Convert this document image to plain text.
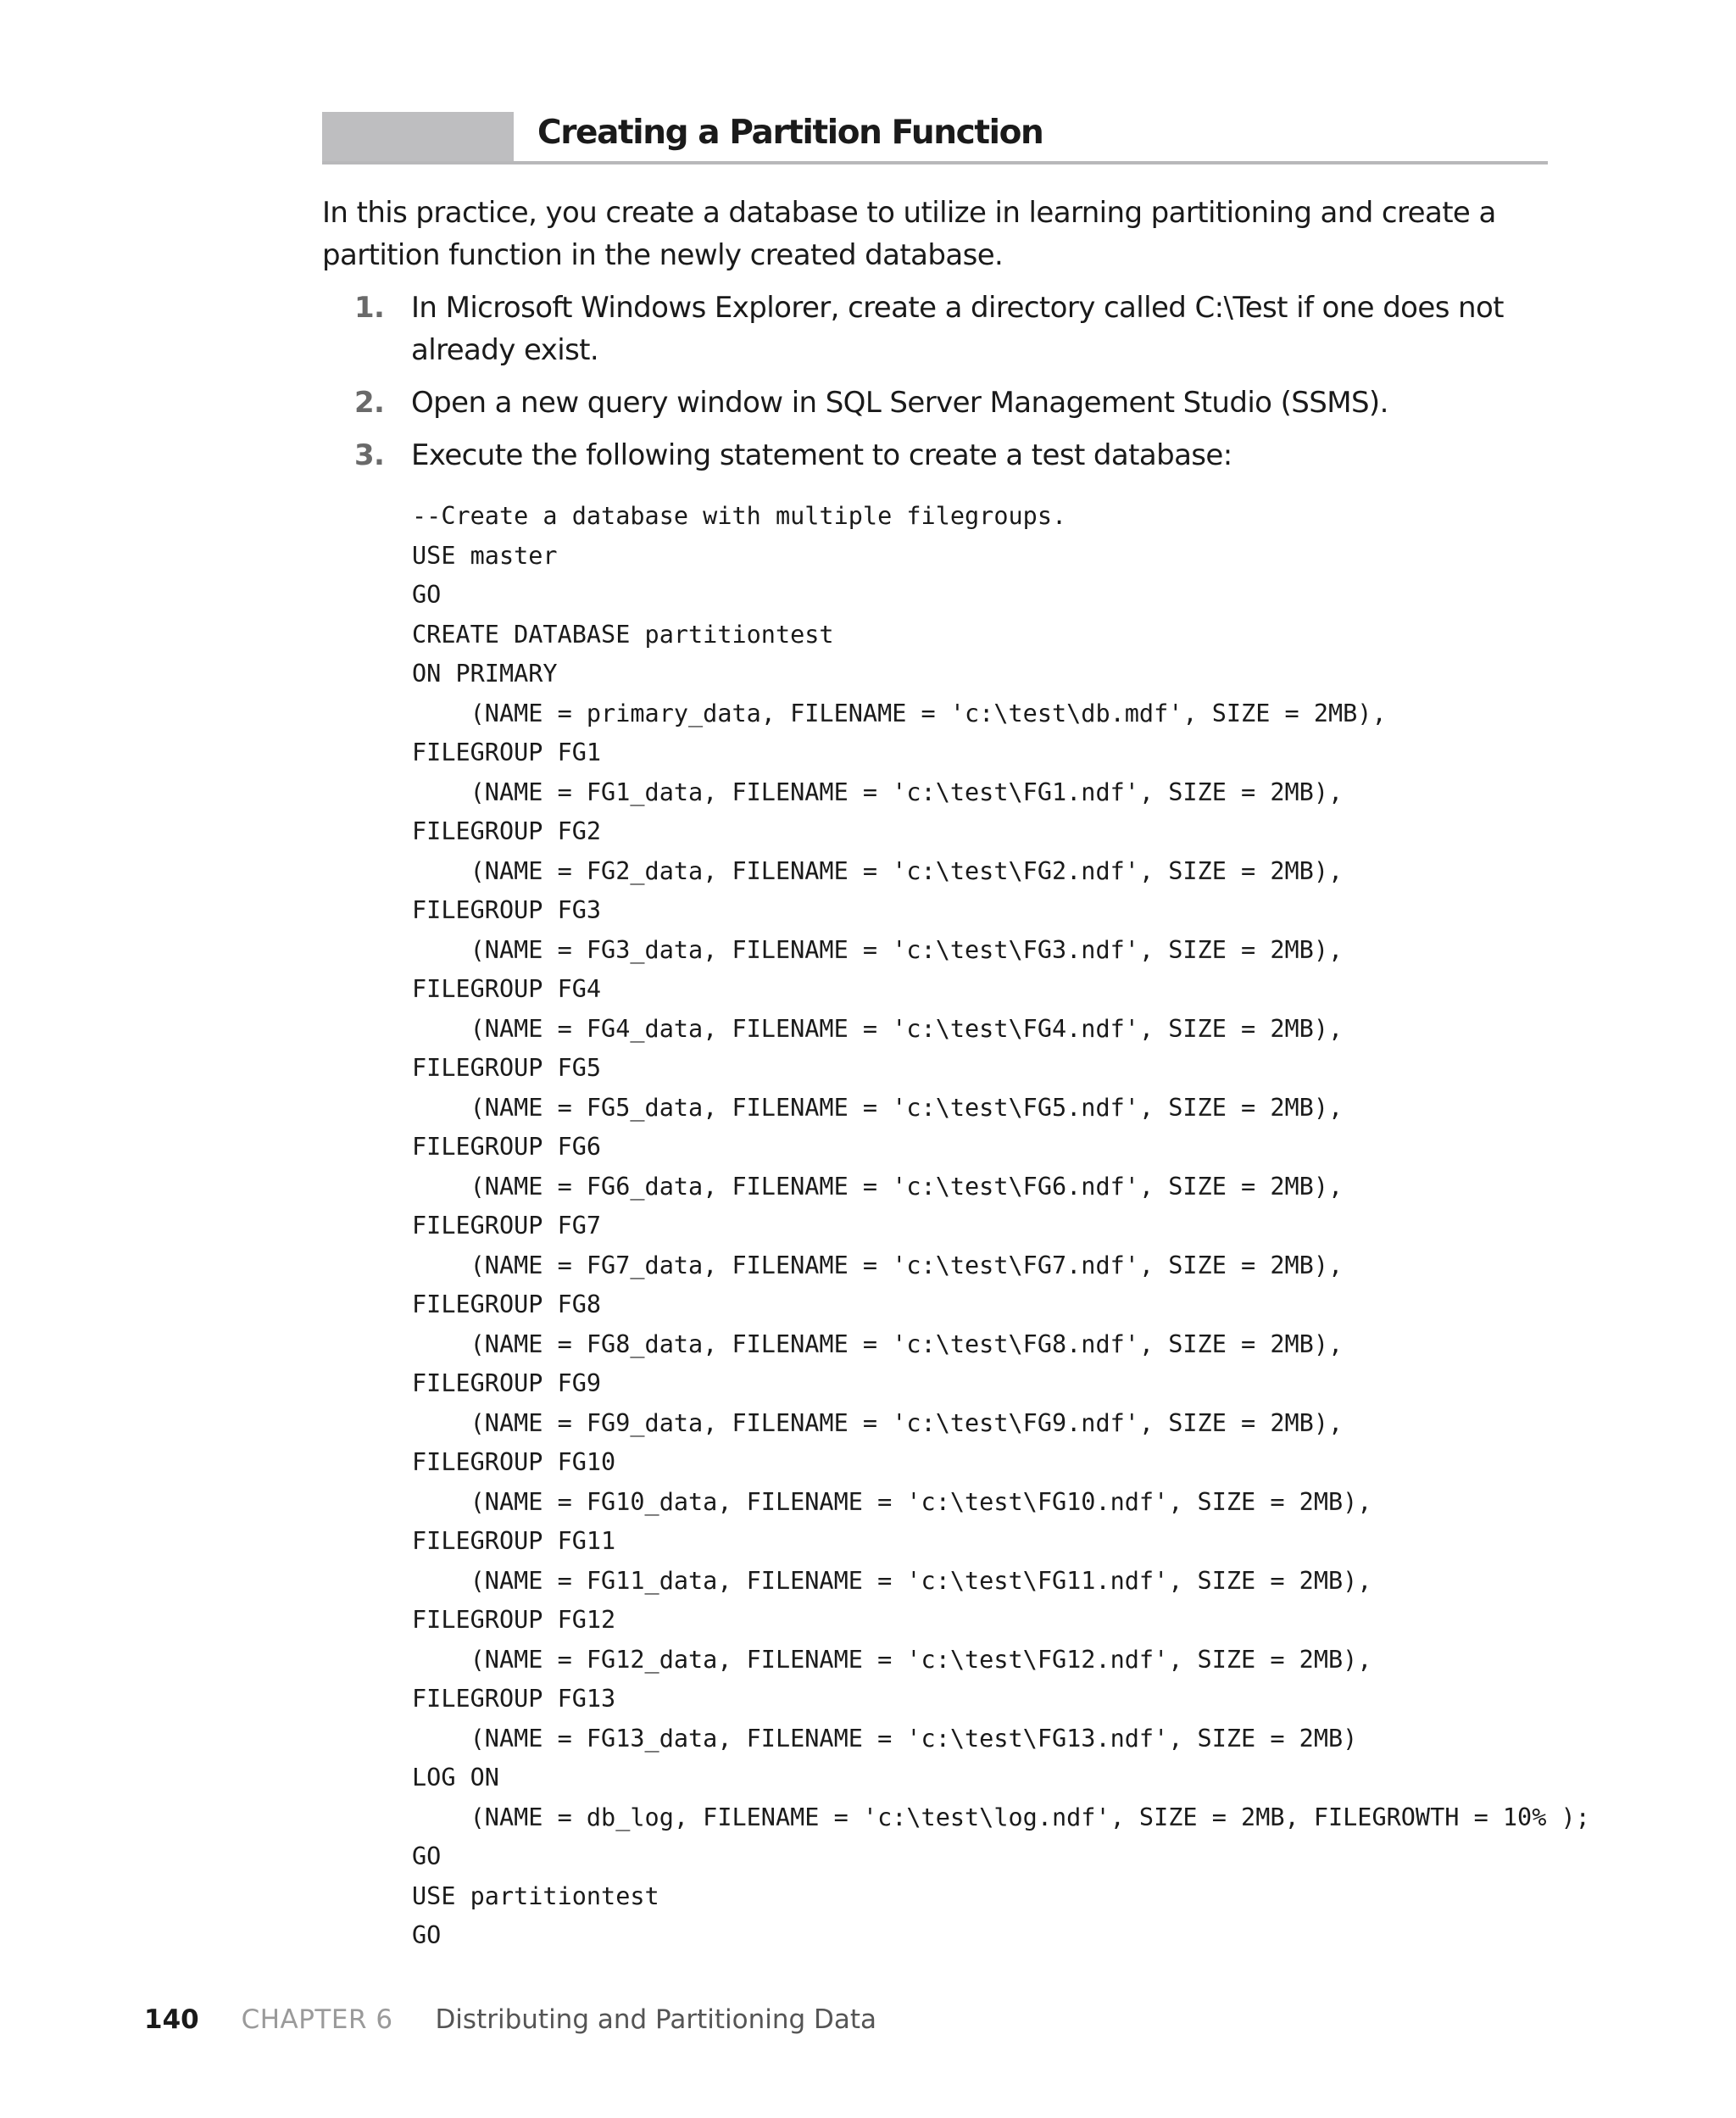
Creating a Partition Function

In this practice, you create a database to utilize in learning partitioning and create a partition function in the newly created database.

1. In Microsoft Windows Explorer, create a directory called C:\Test if one does not already exist.
2. Open a new query window in SQL Server Management Studio (SSMS).
3. Execute the following statement to create a test database:
--Create a database with multiple filegroups.
USE master
GO
CREATE DATABASE partitiontest
ON PRIMARY
(NAME = primary_data, FILENAME = 'c:\test\db.mdf', SIZE = 2MB),
FILEGROUP FG1
(NAME = FG1_data, FILENAME = 'c:\test\FG1.ndf', SIZE = 2MB),
FILEGROUP FG2
(NAME = FG2_data, FILENAME = 'c:\test\FG2.ndf', SIZE = 2MB),
FILEGROUP FG3
(NAME = FG3_data, FILENAME = 'c:\test\FG3.ndf', SIZE = 2MB),
FILEGROUP FG4
(NAME = FG4_data, FILENAME = 'c:\test\FG4.ndf', SIZE = 2MB),
FILEGROUP FG5
(NAME = FG5_data, FILENAME = 'c:\test\FG5.ndf', SIZE = 2MB),
FILEGROUP FG6
(NAME = FG6_data, FILENAME = 'c:\test\FG6.ndf', SIZE = 2MB),
FILEGROUP FG7
(NAME = FG7_data, FILENAME = 'c:\test\FG7.ndf', SIZE = 2MB),
FILEGROUP FG8
(NAME = FG8_data, FILENAME = 'c:\test\FG8.ndf', SIZE = 2MB),
FILEGROUP FG9
(NAME = FG9_data, FILENAME = 'c:\test\FG9.ndf', SIZE = 2MB),
FILEGROUP FG10
(NAME = FG10_data, FILENAME = 'c:\test\FG10.ndf', SIZE = 2MB),
FILEGROUP FG11
(NAME = FG11_data, FILENAME = 'c:\test\FG11.ndf', SIZE = 2MB),
FILEGROUP FG12
(NAME = FG12_data, FILENAME = 'c:\test\FG12.ndf', SIZE = 2MB),
FILEGROUP FG13
(NAME = FG13_data, FILENAME = 'c:\test\FG13.ndf', SIZE = 2MB)
LOG ON
(NAME = db_log, FILENAME = 'c:\test\log.ndf', SIZE = 2MB, FILEGROWTH = 10% );
GO
USE partitiontest
GO
140 CHAPTER 6 Distributing and Partitioning Data
